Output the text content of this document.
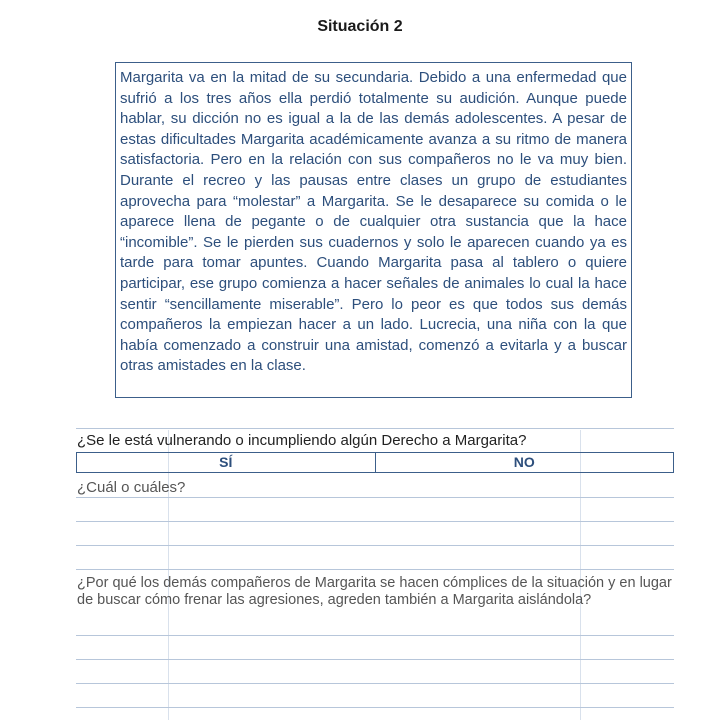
Situación 2
Margarita va en la mitad de su secundaria. Debido a una enfermedad que sufrió a los tres años ella perdió totalmente su audición. Aunque puede hablar, su dicción no es igual a la de las demás adolescentes. A pesar de estas dificultades Margarita académicamente avanza a su ritmo de manera satisfactoria. Pero en la relación con sus compañeros no le va muy bien. Durante el recreo y las pausas entre clases un grupo de estudiantes aprovecha para “molestar” a Margarita. Se le desaparece su comida o le aparece llena de pegante o de cualquier otra sustancia que la hace “incomible”. Se le pierden sus cuadernos y solo le aparecen cuando ya es tarde para tomar apuntes. Cuando Margarita pasa al tablero o quiere participar, ese grupo comienza a hacer señales de animales lo cual la hace sentir “sencillamente miserable”. Pero lo peor es que todos sus demás compañeros la empiezan hacer a un lado. Lucrecia, una niña con la que había comenzado a construir una amistad, comenzó a evitarla y a buscar otras amistades en la clase.
¿Se le está vulnerando o incumpliendo algún Derecho a Margarita?
SÍ	NO
¿Cuál o cuáles?
¿Por qué los demás compañeros de Margarita se hacen cómplices de la situación y en lugar de buscar cómo frenar las agresiones, agreden también a Margarita aislándola?
